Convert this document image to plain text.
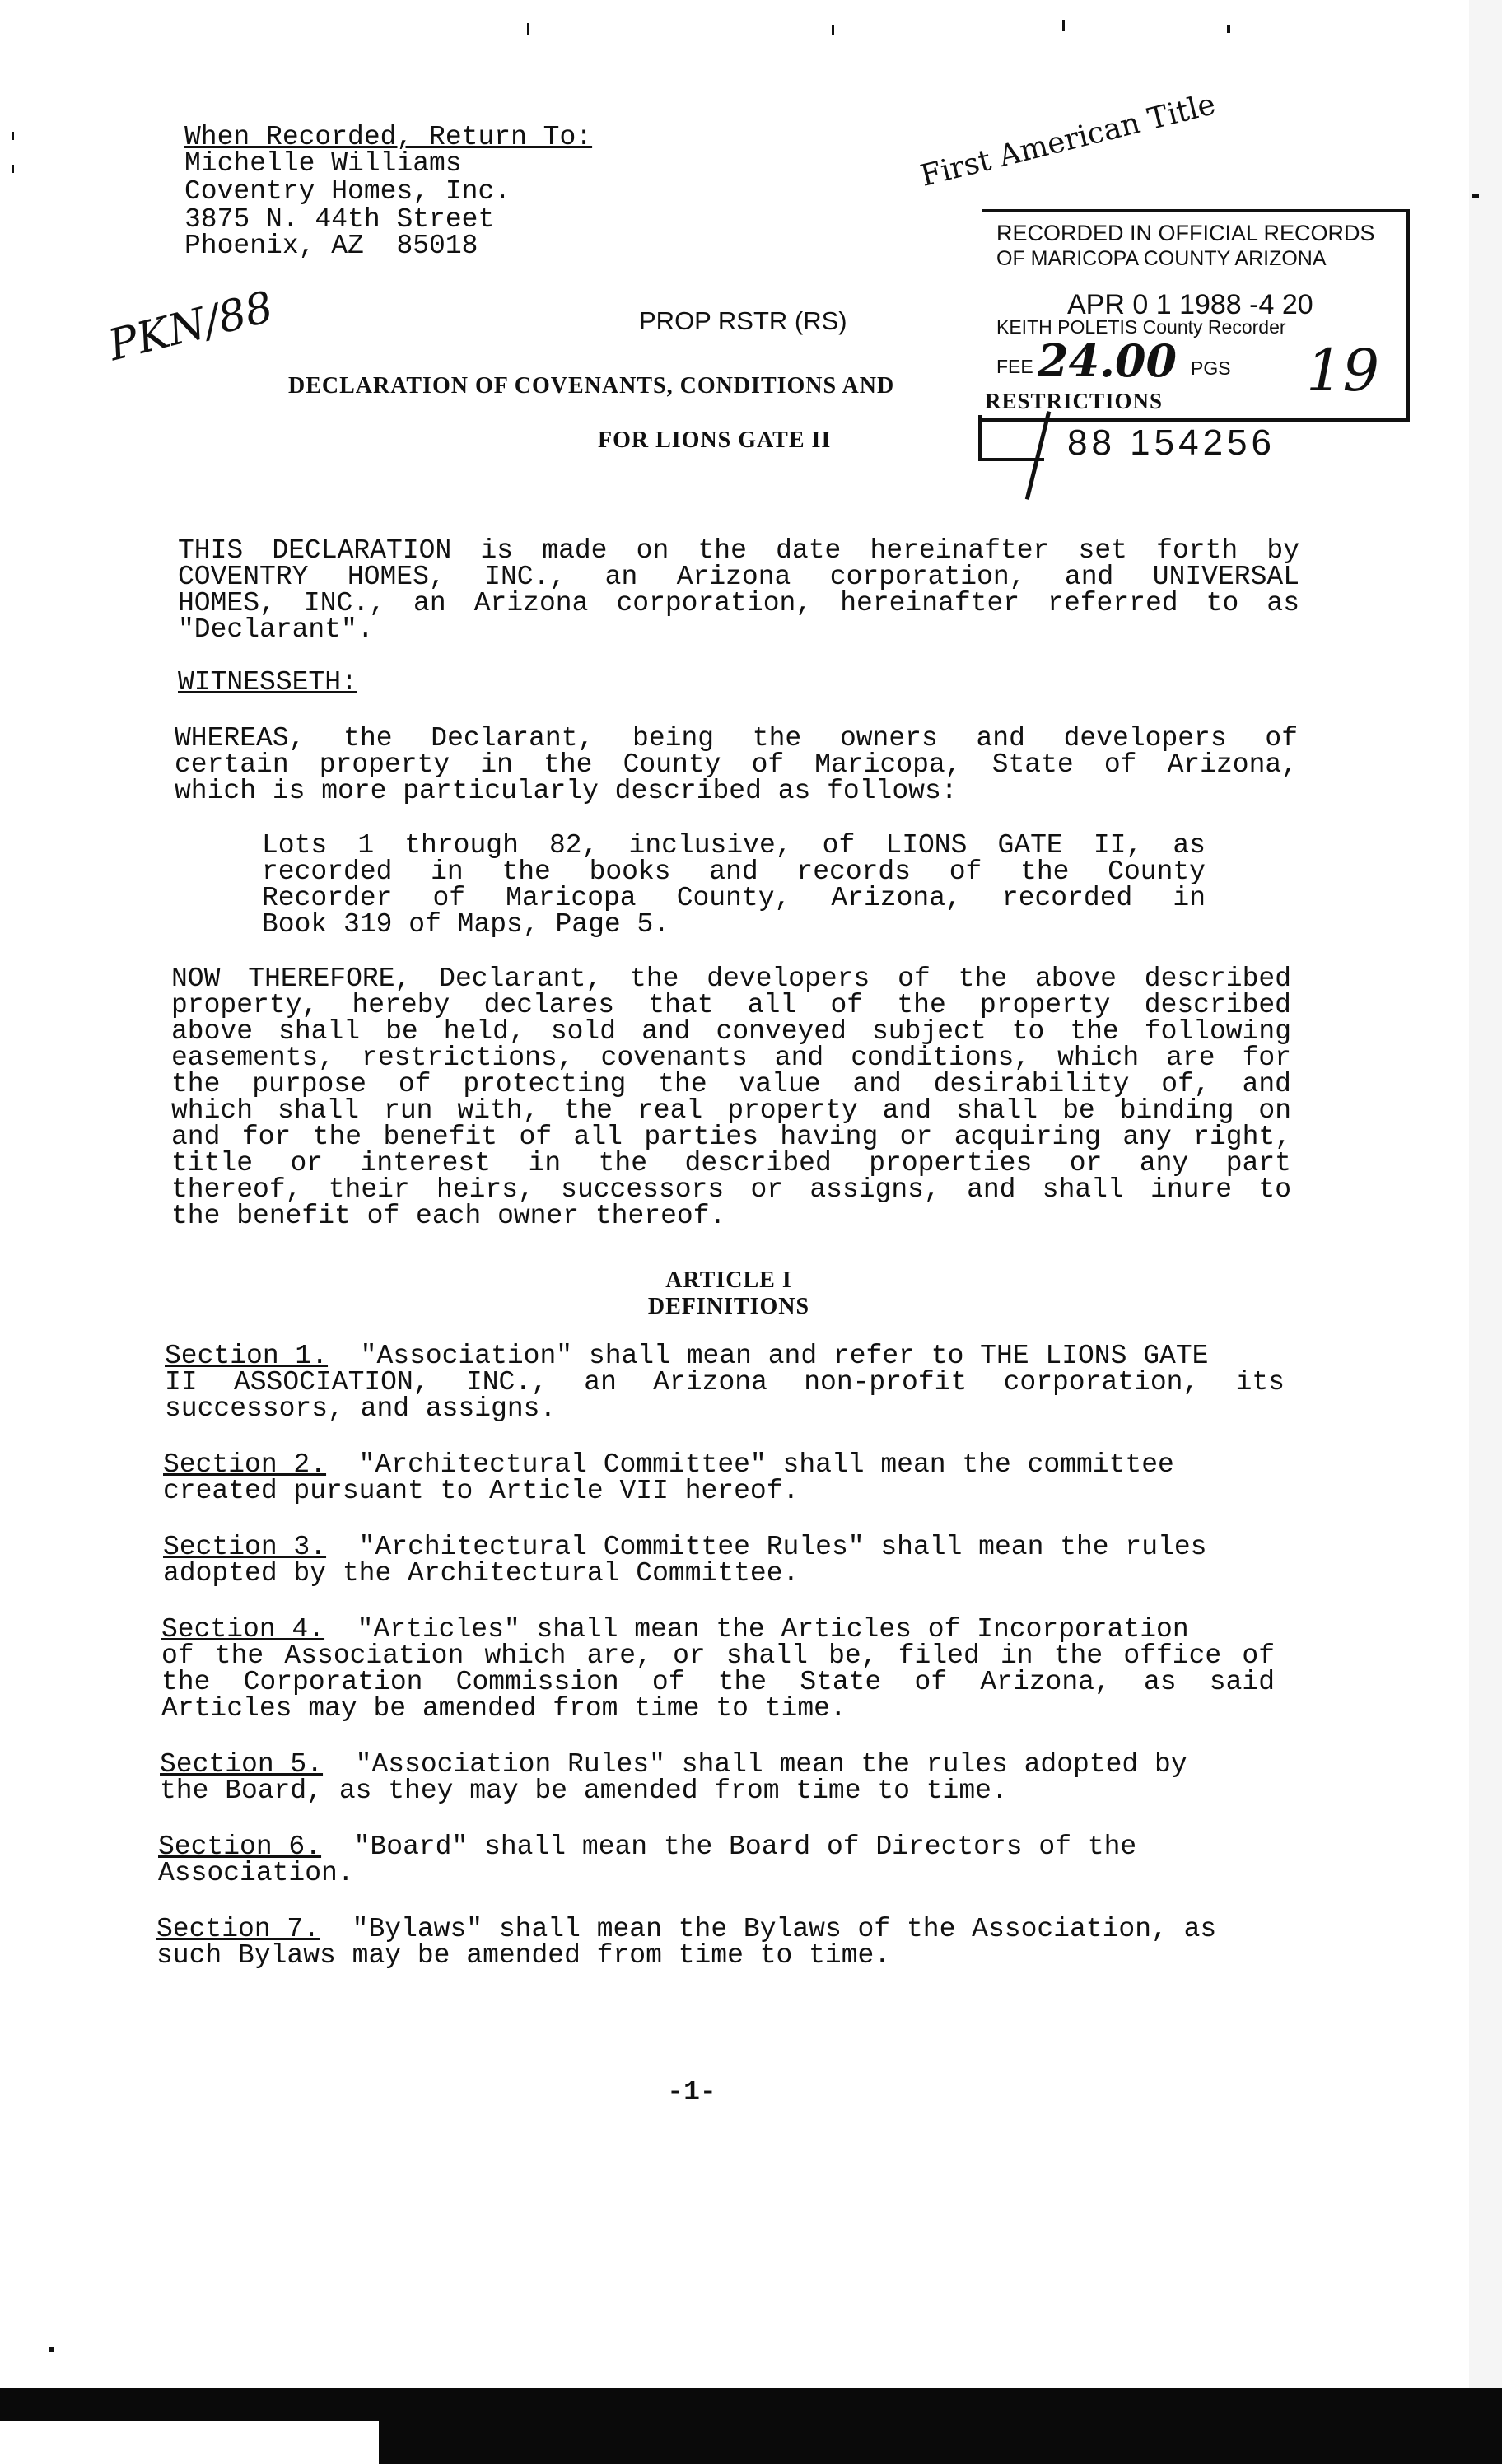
When Recorded, Return To:
Michelle Williams
Coventry Homes, Inc.
3875 N. 44th Street
Phoenix, AZ  85018
PKN/88
First American Title
PROP RSTR (RS)
RECORDED IN OFFICIAL RECORDS
OF MARICOPA COUNTY ARIZONA
APR 0 1 1988 -4 20
KEITH POLETIS County Recorder
FEE 24.00 PGS 19
88 154256
DECLARATION OF COVENANTS, CONDITIONS AND
RESTRICTIONS
FOR LIONS GATE II
THIS DECLARATION is made on the date hereinafter set forth by
COVENTRY HOMES, INC., an Arizona corporation, and UNIVERSAL
HOMES, INC., an Arizona corporation, hereinafter referred to as
"Declarant".
WITNESSETH:
WHEREAS, the Declarant, being the owners and developers of
certain property in the County of Maricopa, State of Arizona,
which is more particularly described as follows:
Lots 1 through 82, inclusive, of LIONS GATE II, as
recorded in the books and records of the County
Recorder of Maricopa County, Arizona, recorded in
Book 319 of Maps, Page 5.
NOW THEREFORE, Declarant, the developers of the above described
property, hereby declares that all of the property described
above shall be held, sold and conveyed subject to the following
easements, restrictions, covenants and conditions, which are for
the purpose of protecting the value and desirability of, and
which shall run with, the real property and shall be binding on
and for the benefit of all parties having or acquiring any right,
title or interest in the described properties or any part
thereof, their heirs, successors or assigns, and shall inure to
the benefit of each owner thereof.
ARTICLE I
DEFINITIONS
Section 1.  "Association" shall mean and refer to THE LIONS GATE
II ASSOCIATION, INC., an Arizona non-profit corporation, its
successors, and assigns.
Section 2.  "Architectural Committee" shall mean the committee
created pursuant to Article VII hereof.
Section 3.  "Architectural Committee Rules" shall mean the rules
adopted by the Architectural Committee.
Section 4.  "Articles" shall mean the Articles of Incorporation
of the Association which are, or shall be, filed in the office of
the Corporation Commission of the State of Arizona, as said
Articles may be amended from time to time.
Section 5.  "Association Rules" shall mean the rules adopted by
the Board, as they may be amended from time to time.
Section 6.  "Board" shall mean the Board of Directors of the
Association.
Section 7.  "Bylaws" shall mean the Bylaws of the Association, as
such Bylaws may be amended from time to time.
-1-
